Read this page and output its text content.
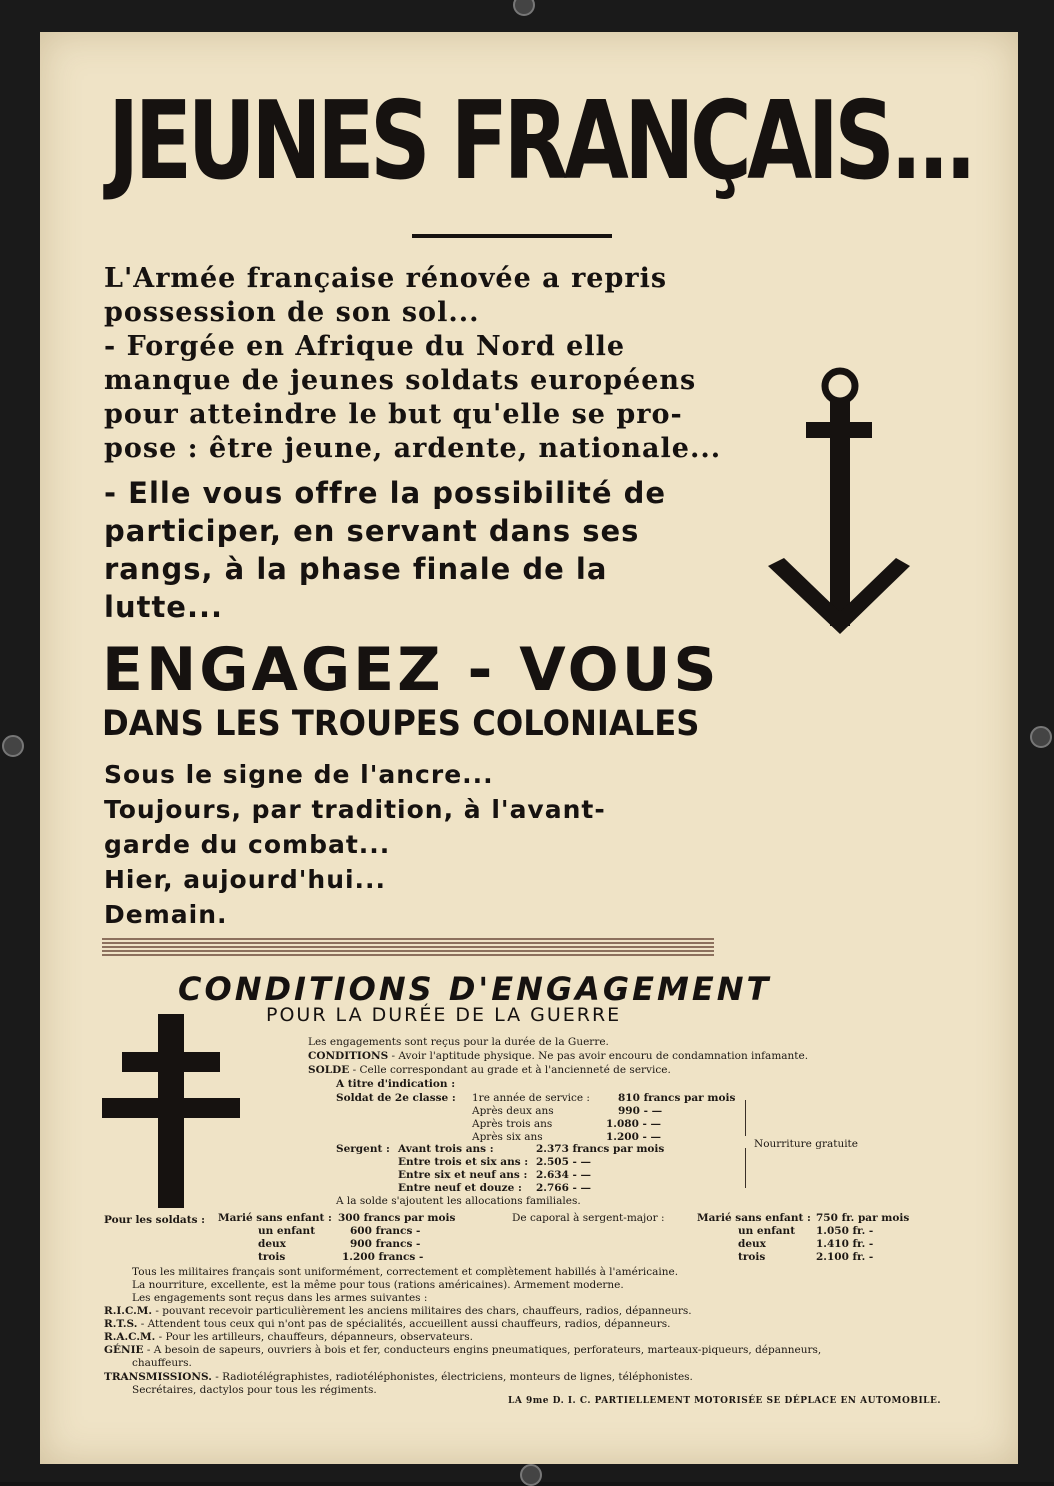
JEUNES FRANÇAIS...
L'Armée française rénovée a repris
possession de son sol...
- Forgée en Afrique du Nord elle
manque de jeunes soldats européens
pour atteindre le but qu'elle se pro-
pose : être jeune, ardente, nationale...
- Elle vous offre la possibilité de
participer, en servant dans ses
rangs, à la phase finale de la
lutte...
ENGAGEZ - VOUS
DANS LES TROUPES COLONIALES
Sous le signe de l'ancre...
Toujours, par tradition, à l'avant-
garde du combat...
Hier, aujourd'hui...
Demain.
CONDITIONS D'ENGAGEMENT
POUR LA DURÉE DE LA GUERRE
Les engagements sont reçus pour la durée de la Guerre.
CONDITIONS - Avoir l'aptitude physique. Ne pas avoir encouru de condamnation infamante.
SOLDE - Celle correspondant au grade et à l'ancienneté de service.
A titre d'indication :
Soldat de 2e classe : 1re année de service :	810 francs par mois
Après deux ans	990 - —
Après trois ans	1.080 - —
Après six ans	1.200 - —
Nourriture gratuite
Sergent : Avant trois ans :	2.373 francs par mois
Entre trois et six ans : 2.505 - —
Entre six et neuf ans : 2.634 - —
Entre neuf et douze : 2.766 - —
A la solde s'ajoutent les allocations familiales.
Pour les soldats : Marié sans enfant : 300 francs par mois
un enfant	600 francs -
deux	900 francs -
trois	1.200 francs -
De caporal à sergent-major :	Marié sans enfant : 750 fr. par mois
un enfant 1.050 fr. -
deux	1.410 fr. -
trois	2.100 fr. -
Tous les militaires français sont uniformément, correctement et complètement habillés à l'américaine.
La nourriture, excellente, est la même pour tous (rations américaines). Armement moderne.
Les engagements sont reçus dans les armes suivantes :
R.I.C.M. - pouvant recevoir particulièrement les anciens militaires des chars, chauffeurs, radios, dépanneurs.
R.T.S. - Attendent tous ceux qui n'ont pas de spécialités, accueillent aussi chauffeurs, radios, dépanneurs.
R.A.C.M. - Pour les artilleurs, chauffeurs, dépanneurs, observateurs.
GÉNIE - A besoin de sapeurs, ouvriers à bois et fer, conducteurs engins pneumatiques, perforateurs, marteaux-piqueurs, dépanneurs,
chauffeurs.
TRANSMISSIONS. - Radiotélégraphistes, radiotéléphonistes, électriciens, monteurs de lignes, téléphonistes.
Secrétaires, dactylos pour tous les régiments.
LA 9me D. I. C. PARTIELLEMENT MOTORISÉE SE DÉPLACE EN AUTOMOBILE.
